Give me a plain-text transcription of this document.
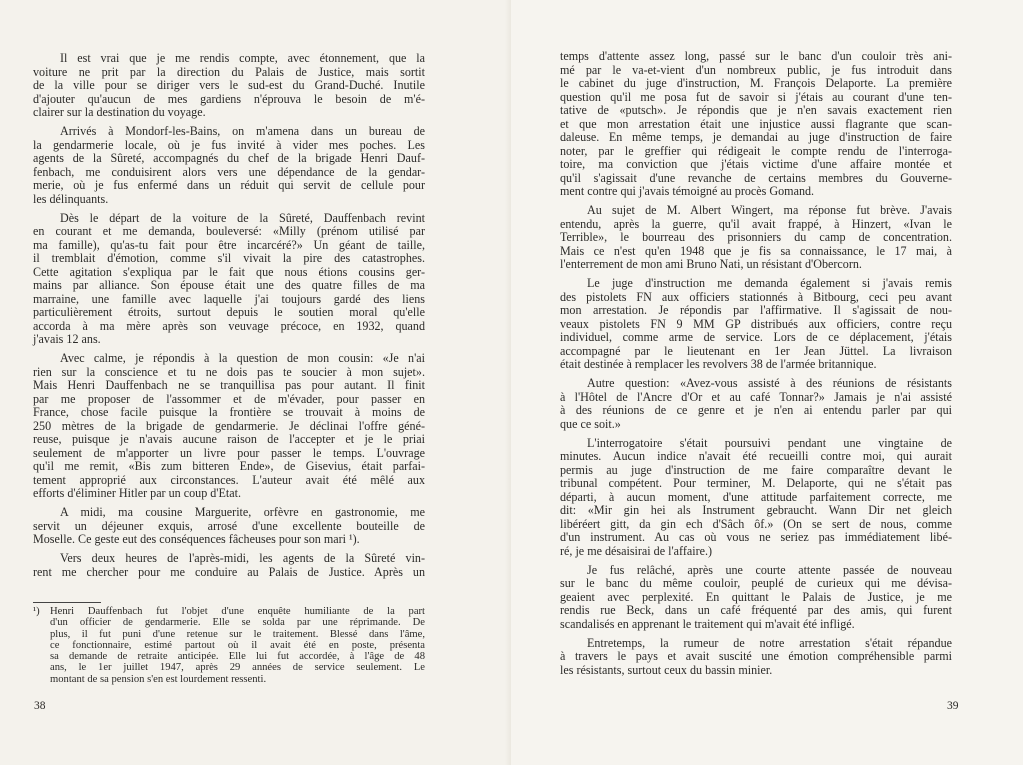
Il est vrai que je me rendis compte, avec étonnement, que la
voiture ne prit par la direction du Palais de Justice, mais sortit
de la ville pour se diriger vers le sud-est du Grand-Duché. Inutile
d'ajouter qu'aucun de mes gardiens n'éprouva le besoin de m'é-
clairer sur la destination du voyage.
Arrivés à Mondorf-les-Bains, on m'amena dans un bureau de
la gendarmerie locale, où je fus invité à vider mes poches. Les
agents de la Sûreté, accompagnés du chef de la brigade Henri Dauf-
fenbach, me conduisirent alors vers une dépendance de la gendar-
merie, où je fus enfermé dans un réduit qui servit de cellule pour
les délinquants.
Dès le départ de la voiture de la Sûreté, Dauffenbach revint
en courant et me demanda, bouleversé: «Milly (prénom utilisé par
ma famille), qu'as-tu fait pour être incarcéré?» Un géant de taille,
il tremblait d'émotion, comme s'il vivait la pire des catastrophes.
Cette agitation s'expliqua par le fait que nous étions cousins ger-
mains par alliance. Son épouse était une des quatre filles de ma
marraine, une famille avec laquelle j'ai toujours gardé des liens
particulièrement étroits, surtout depuis le soutien moral qu'elle
accorda à ma mère après son veuvage précoce, en 1932, quand
j'avais 12 ans.
Avec calme, je répondis à la question de mon cousin: «Je n'ai
rien sur la conscience et tu ne dois pas te soucier à mon sujet».
Mais Henri Dauffenbach ne se tranquillisa pas pour autant. Il finit
par me proposer de l'assommer et de m'évader, pour passer en
France, chose facile puisque la frontière se trouvait à moins de
250 mètres de la brigade de gendarmerie. Je déclinai l'offre géné-
reuse, puisque je n'avais aucune raison de l'accepter et je le priai
seulement de m'apporter un livre pour passer le temps. L'ouvrage
qu'il me remit, «Bis zum bitteren Ende», de Gisevius, était parfai-
tement approprié aux circonstances. L'auteur avait été mêlé aux
efforts d'éliminer Hitler par un coup d'Etat.
A midi, ma cousine Marguerite, orfèvre en gastronomie, me
servit un déjeuner exquis, arrosé d'une excellente bouteille de
Moselle. Ce geste eut des conséquences fâcheuses pour son mari ¹).
Vers deux heures de l'après-midi, les agents de la Sûreté vin-
rent me chercher pour me conduire au Palais de Justice. Après un
¹) Henri Dauffenbach fut l'objet d'une enquête humiliante de la part
d'un officier de gendarmerie. Elle se solda par une réprimande. De
plus, il fut puni d'une retenue sur le traitement. Blessé dans l'âme,
ce fonctionnaire, estimé partout où il avait été en poste, présenta
sa demande de retraite anticipée. Elle lui fut accordée, à l'âge de 48
ans, le 1er juillet 1947, après 29 années de service seulement. Le
montant de sa pension s'en est lourdement ressenti.
38
temps d'attente assez long, passé sur le banc d'un couloir très ani-
mé par le va-et-vient d'un nombreux public, je fus introduit dans
le cabinet du juge d'instruction, M. François Delaporte. La première
question qu'il me posa fut de savoir si j'étais au courant d'une ten-
tative de «putsch». Je répondis que je n'en savais exactement rien
et que mon arrestation était une injustice aussi flagrante que scan-
daleuse. En même temps, je demandai au juge d'instruction de faire
noter, par le greffier qui rédigeait le compte rendu de l'interroga-
toire, ma conviction que j'étais victime d'une affaire montée et
qu'il s'agissait d'une revanche de certains membres du Gouverne-
ment contre qui j'avais témoigné au procès Gomand.
Au sujet de M. Albert Wingert, ma réponse fut brève. J'avais
entendu, après la guerre, qu'il avait frappé, à Hinzert, «Ivan le
Terrible», le bourreau des prisonniers du camp de concentration.
Mais ce n'est qu'en 1948 que je fis sa connaissance, le 17 mai, à
l'enterrement de mon ami Bruno Nati, un résistant d'Obercorn.
Le juge d'instruction me demanda également si j'avais remis
des pistolets FN aux officiers stationnés à Bitbourg, ceci peu avant
mon arrestation. Je répondis par l'affirmative. Il s'agissait de nou-
veaux pistolets FN 9 MM GP distribués aux officiers, contre reçu
individuel, comme arme de service. Lors de ce déplacement, j'étais
accompagné par le lieutenant en 1er Jean Jüttel. La livraison
était destinée à remplacer les revolvers 38 de l'armée britannique.
Autre question: «Avez-vous assisté à des réunions de résistants
à l'Hôtel de l'Ancre d'Or et au café Tonnar?» Jamais je n'ai assisté
à des réunions de ce genre et je n'en ai entendu parler par qui
que ce soit.»
L'interrogatoire s'était poursuivi pendant une vingtaine de
minutes. Aucun indice n'avait été recueilli contre moi, qui aurait
permis au juge d'instruction de me faire comparaître devant le
tribunal compétent. Pour terminer, M. Delaporte, qui ne s'était pas
départi, à aucun moment, d'une attitude parfaitement correcte, me
dit: «Mir gin hei als Instrument gebraucht. Wann Dir net gleich
libéréert gitt, da gin ech d'Sâch ôf.» (On se sert de nous, comme
d'un instrument. Au cas où vous ne seriez pas immédiatement libé-
ré, je me désaisirai de l'affaire.)
Je fus relâché, après une courte attente passée de nouveau
sur le banc du même couloir, peuplé de curieux qui me dévisa-
geaient avec perplexité. En quittant le Palais de Justice, je me
rendis rue Beck, dans un café fréquenté par des amis, qui furent
scandalisés en apprenant le traitement qui m'avait été infligé.
Entretemps, la rumeur de notre arrestation s'était répandue
à travers le pays et avait suscité une émotion compréhensible parmi
les résistants, surtout ceux du bassin minier.
39
